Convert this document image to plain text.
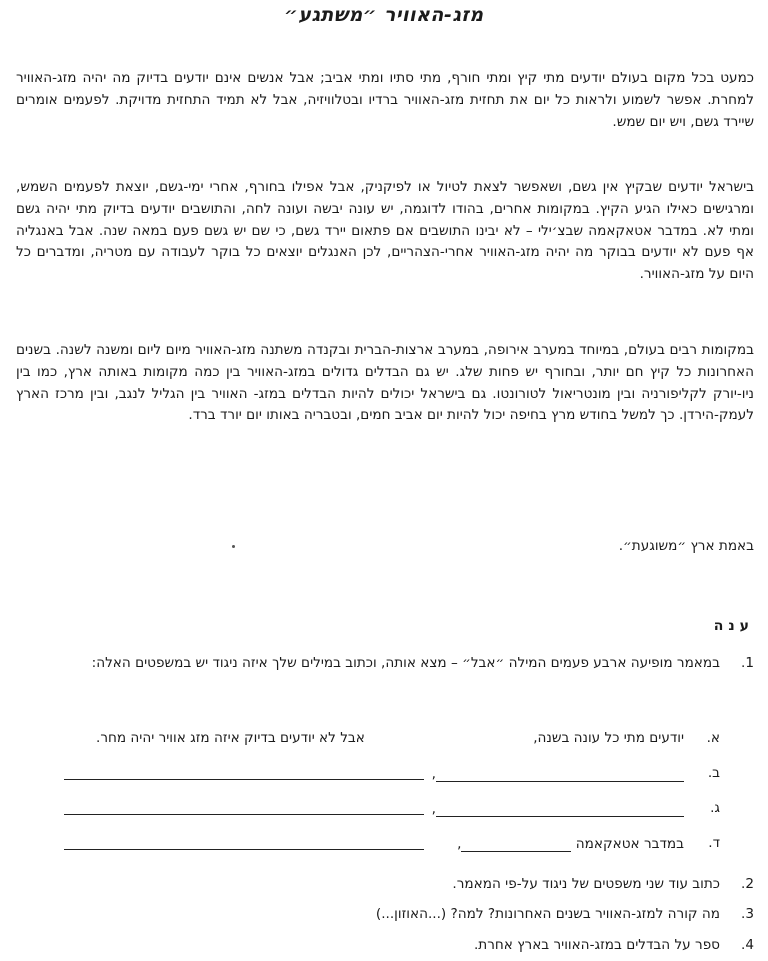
מזג-האוויר ״משתגע״
כמעט בכל מקום בעולם יודעים מתי קיץ ומתי חורף, מתי סתיו ומתי אביב; אבל אנשים אינם יודעים בדיוק מה יהיה מזג-האוויר למחרת. אפשר לשמוע ולראות כל יום את תחזית מזג-האוויר ברדיו ובטלוויזיה, אבל לא תמיד התחזית מדויקת. לפעמים אומרים שיירד גשם, ויש יום שמש.
בישראל יודעים שבקיץ אין גשם, ושאפשר לצאת לטיול או לפיקניק, אבל אפילו בחורף, אחרי ימי-גשם, יוצאת לפעמים השמש, ומרגישים כאילו הגיע הקיץ. במקומות אחרים, בהודו לדוגמה, יש עונה יבשה ועונה לחה, והתושבים יודעים בדיוק מתי יהיה גשם ומתי לא. במדבר אטאקאמה שבצ׳ילי – לא יבינו התושבים אם פתאום יירד גשם, כי שם יש גשם פעם במאה שנה. אבל באנגליה אף פעם לא יודעים בבוקר מה יהיה מזג-האוויר אחרי-הצהריים, לכן האנגלים יוצאים כל בוקר לעבודה עם מטריה, ומדברים כל היום על מזג-האוויר.
במקומות רבים בעולם, במיוחד במערב אירופה, במערב ארצות-הברית ובקנדה משתנה מזג-האוויר מיום ליום ומשנה לשנה. בשנים האחרונות כל קיץ חם יותר, ובחורף יש פחות שלג. יש גם הבדלים גדולים במזג-האוויר בין כמה מקומות באותה ארץ, כמו בין ניו-יורק לקליפורניה ובין מונטריאול לטורונטו. גם בישראל יכולים להיות הבדלים במזג- האוויר בין הגליל לנגב, ובין מרכז הארץ לעמק-הירדן. כך למשל בחודש מרץ בחיפה יכול להיות יום אביב חמים, ובטבריה באותו יום יורד ברד.
באמת ארץ ״משוגעת״.
ענה
1.
במאמר מופיעה ארבע פעמים המילה ״אבל״ – מצא אותה, וכתוב במילים שלך איזה ניגוד יש במשפטים האלה:
א.
יודעים מתי כל עונה בשנה,
אבל לא יודעים בדיוק איזה מזג אוויר יהיה מחר.
ב.
,
ג.
,
ד.
במדבר אטאקאמה ,
2.
כתוב עוד שני משפטים של ניגוד על-פי המאמר.
3.
מה קורה למזג-האוויר בשנים האחרונות? למה? (...האוזון...)
4.
ספר על הבדלים במזג-האוויר בארץ אחרת.
